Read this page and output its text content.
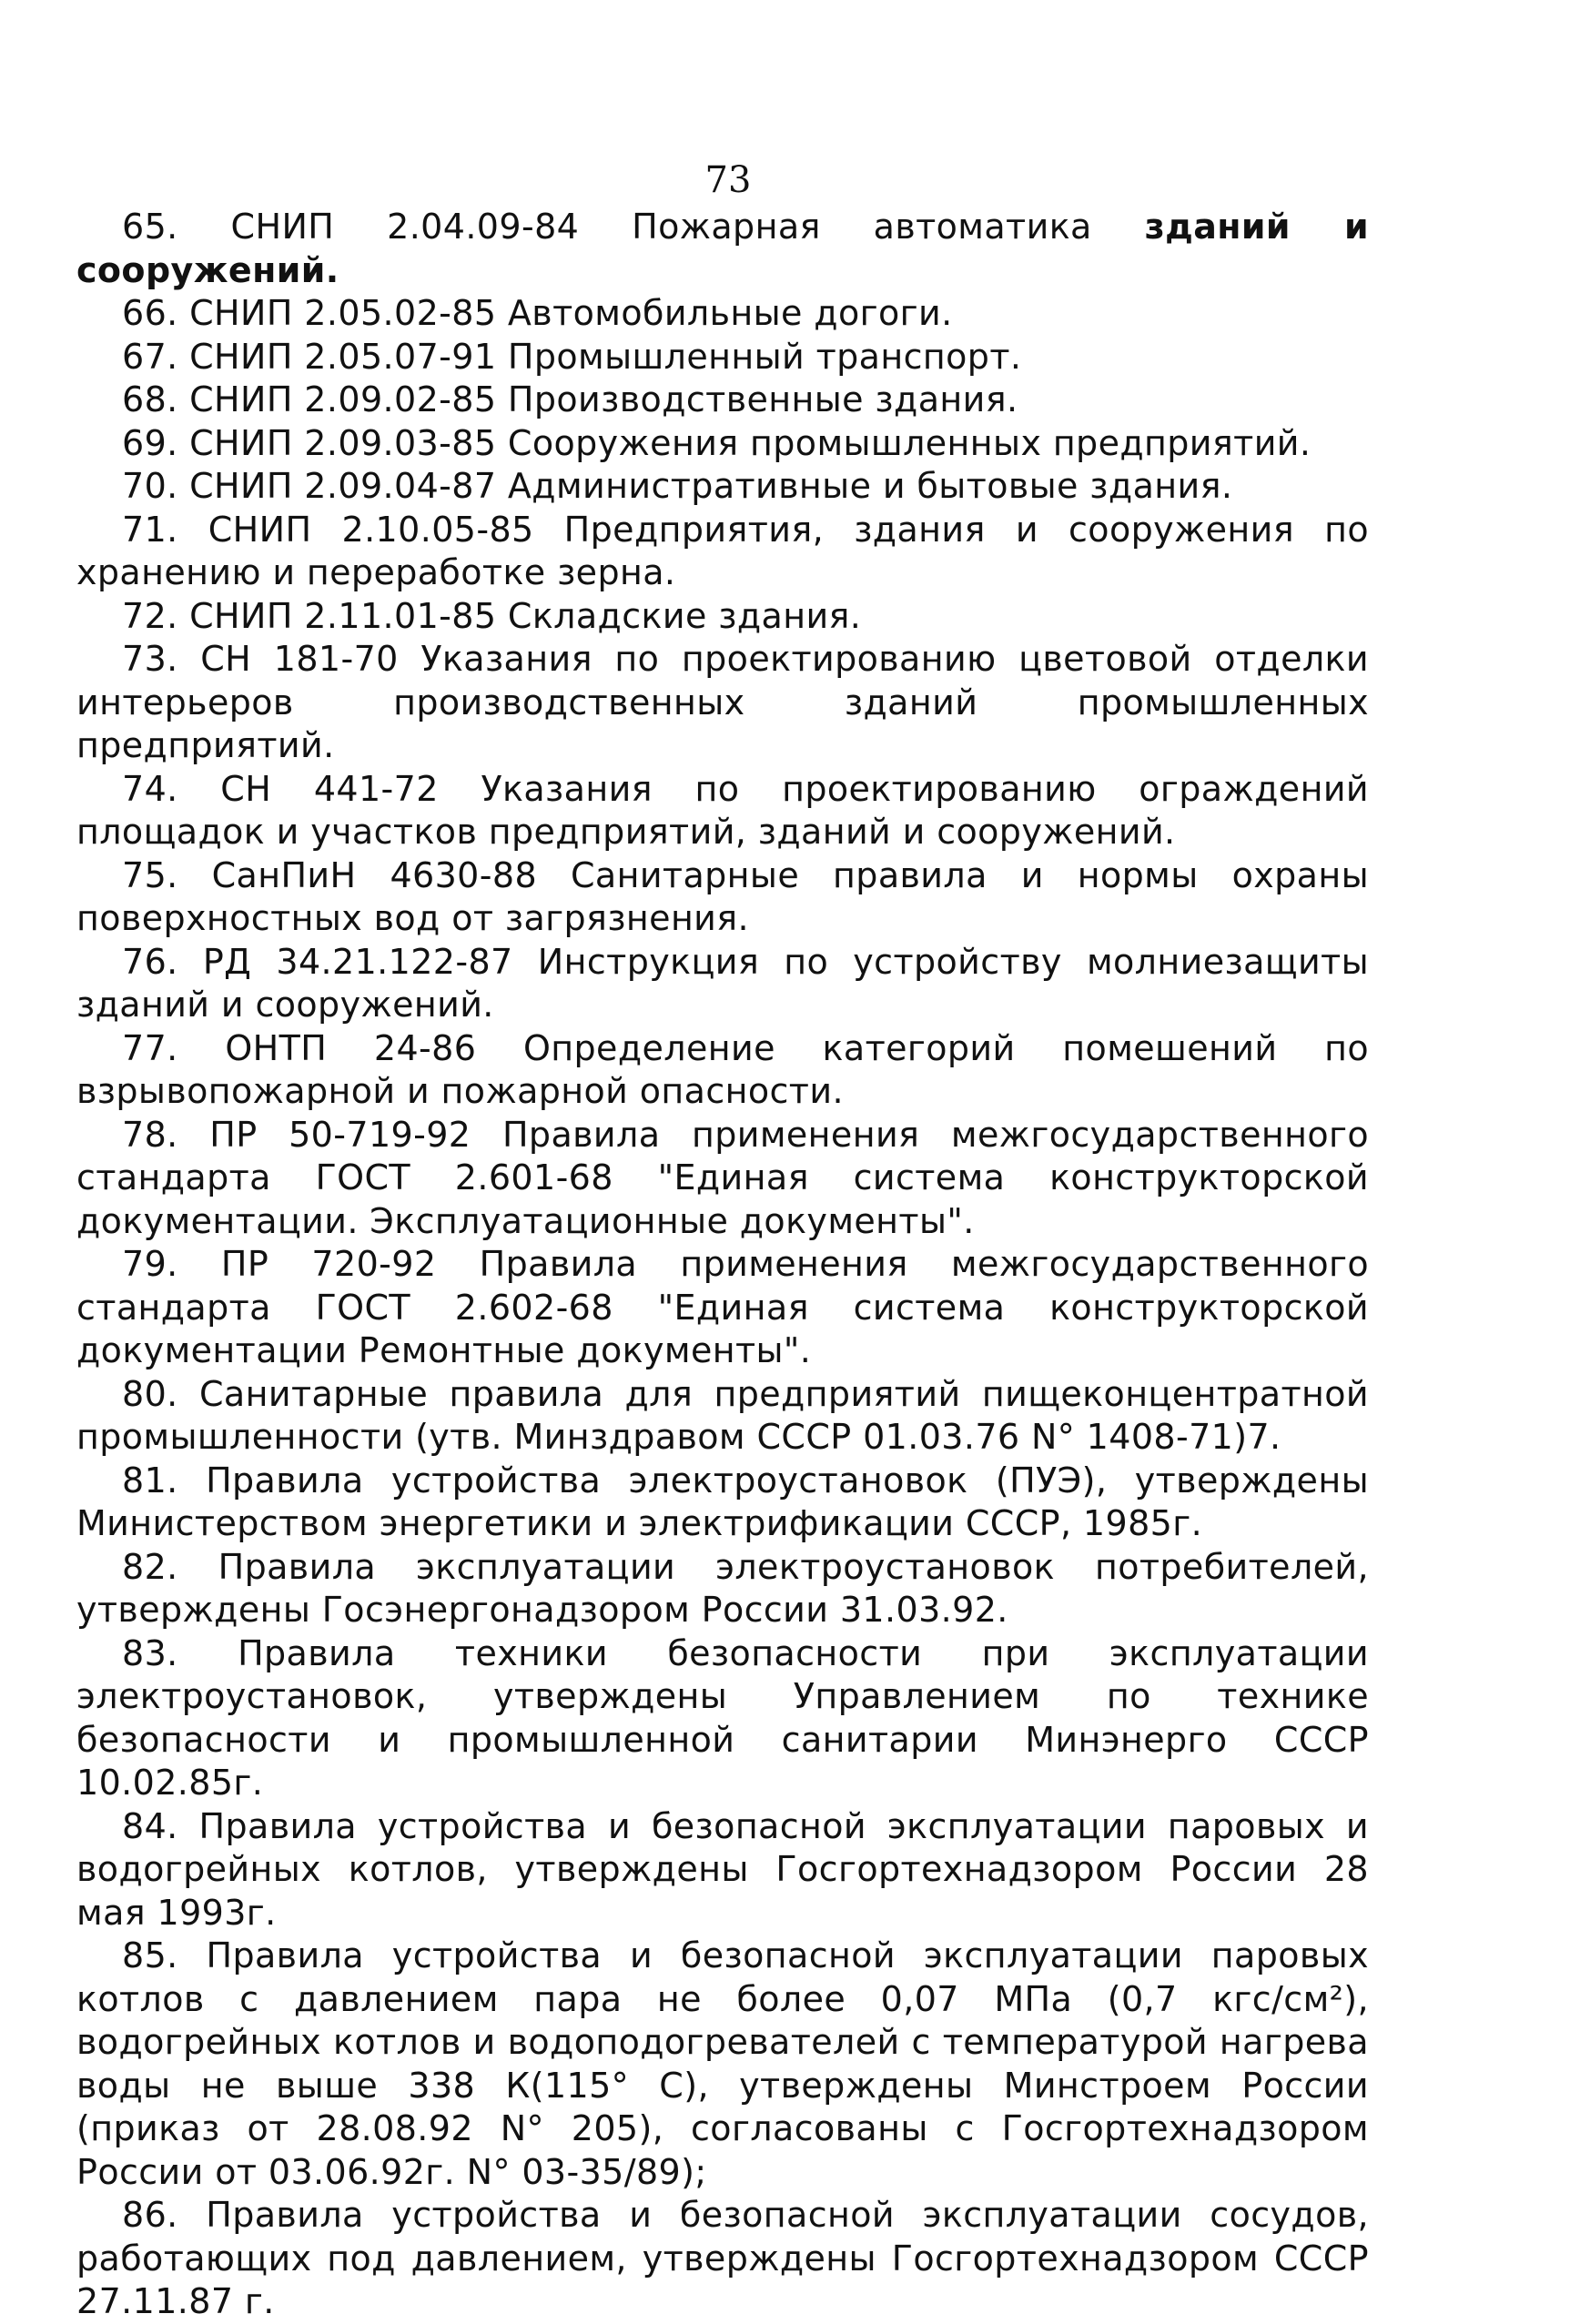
73

65. СНИП 2.04.09-84 Пожарная автоматика зданий и сооружений.

66. СНИП 2.05.02-85 Автомобильные догоги.

67. СНИП 2.05.07-91 Промышленный транспорт.

68. СНИП 2.09.02-85 Производственные здания.

69. СНИП 2.09.03-85 Сооружения промышленных предприятий.

70. СНИП 2.09.04-87 Административные и бытовые здания.

71. СНИП 2.10.05-85 Предприятия, здания и сооружения по хранению и переработке зерна.

72. СНИП 2.11.01-85 Складские здания.

73. СН 181-70 Указания по проектированию цветовой отделки интерьеров производственных зданий промышленных предприятий.

74. СН 441-72 Указания по проектированию ограждений площадок и участков предприятий, зданий и сооружений.

75. СанПиН 4630-88 Санитарные правила и нормы охраны поверхностных вод от загрязнения.

76. РД 34.21.122-87 Инструкция по устройству молниезащиты зданий и сооружений.

77. ОНТП 24-86 Определение категорий помешений по взрывопожарной и пожарной опасности.

78. ПР 50-719-92 Правила применения межгосударственного стандарта ГОСТ 2.601-68 "Единая система конструкторской документации. Эксплуатационные документы".

79. ПР 720-92 Правила применения межгосударственного стандарта ГОСТ 2.602-68 "Единая система конструкторской документации Ремонтные документы".

80. Санитарные правила для предприятий пищеконцентратной промышленности (утв. Минздравом СССР 01.03.76 N° 1408-71)7.

81. Правила устройства электроустановок (ПУЭ), утверждены Министерством энергетики и электрификации СССР, 1985г.

82. Правила эксплуатации электроустановок потребителей, утверждены Госэнергонадзором России 31.03.92.

83. Правила техники безопасности при эксплуатации электроустановок, утверждены Управлением по технике безопасности и промышленной санитарии Минэнерго СССР 10.02.85г.

84. Правила устройства и безопасной эксплуатации паровых и водогрейных котлов, утверждены Госгортехнадзором России 28 мая 1993г.

85. Правила устройства и безопасной эксплуатации паровых котлов с давлением пара не более 0,07 МПа (0,7 кгс/см²), водогрейных котлов и водоподогревателей с температурой нагрева воды не выше 338 К(115° С), утверждены Минстроем России (приказ от 28.08.92 N° 205), согласованы с Госгортехнадзором России от 03.06.92г. N° 03-35/89);

86. Правила устройства и безопасной эксплуатации сосудов, работающих под давлением, утверждены Госгортехнадзором СССР 27.11.87 г.
